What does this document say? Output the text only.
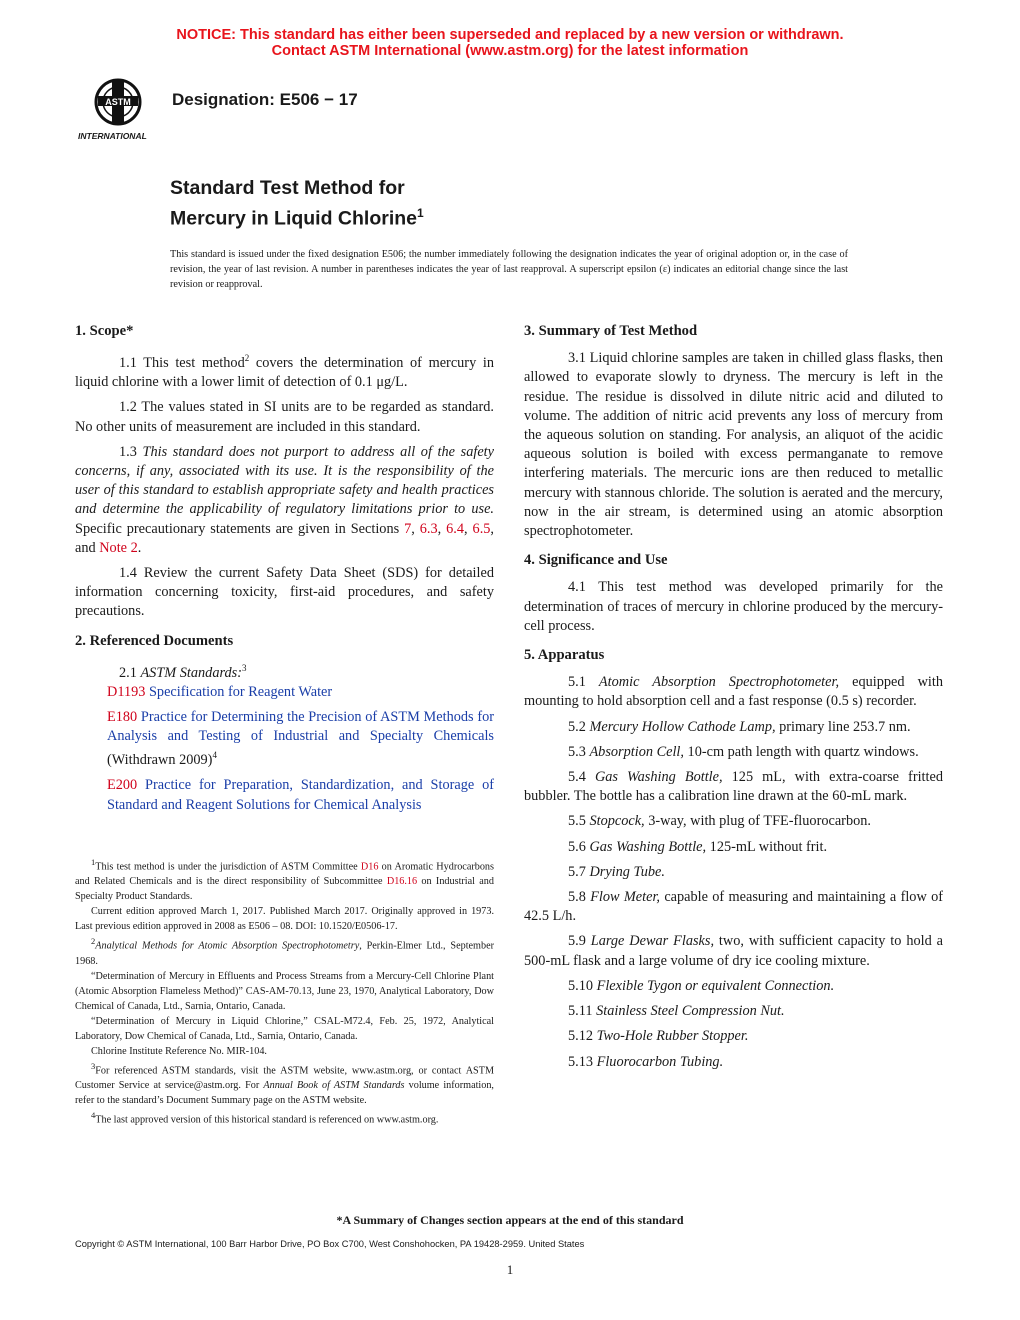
NOTICE: This standard has either been superseded and replaced by a new version or withdrawn.
Contact ASTM International (www.astm.org) for the latest information
ASTM
INTERNATIONAL
Designation: E506 − 17
Standard Test Method for
Mercury in Liquid Chlorine$^1$
This standard is issued under the fixed designation E506; the number immediately following the designation indicates the year of original adoption or, in the case of revision, the year of last revision. A number in parentheses indicates the year of last reapproval. A superscript epsilon (ε) indicates an editorial change since the last revision or reapproval.
1. Scope*

1.1 This test method$^2$ covers the determination of mercury in liquid chlorine with a lower limit of detection of 0.1 μg/L.

1.2 The values stated in SI units are to be regarded as standard. No other units of measurement are included in this standard.

1.3 This standard does not purport to address all of the safety concerns, if any, associated with its use. It is the responsibility of the user of this standard to establish appropriate safety and health practices and determine the applicability of regulatory limitations prior to use. Specific precautionary statements are given in Sections 7, 6.3, 6.4, 6.5, and Note 2.

1.4 Review the current Safety Data Sheet (SDS) for detailed information concerning toxicity, first-aid procedures, and safety precautions.

2. Referenced Documents

2.1 ASTM Standards:$^3$

D1193 Specification for Reagent Water

E180 Practice for Determining the Precision of ASTM Methods for Analysis and Testing of Industrial and Specialty Chemicals (Withdrawn 2009)$^4$

E200 Practice for Preparation, Standardization, and Storage of Standard and Reagent Solutions for Chemical Analysis

$^1$This test method is under the jurisdiction of ASTM Committee D16 on Aromatic Hydrocarbons and Related Chemicals and is the direct responsibility of Subcommittee D16.16 on Industrial and Specialty Product Standards.

Current edition approved March 1, 2017. Published March 2017. Originally approved in 1973. Last previous edition approved in 2008 as E506 – 08. DOI: 10.1520/E0506-17.

$^2$Analytical Methods for Atomic Absorption Spectrophotometry, Perkin-Elmer Ltd., September 1968.

“Determination of Mercury in Effluents and Process Streams from a Mercury-Cell Chlorine Plant (Atomic Absorption Flameless Method)” CAS-AM-70.13, June 23, 1970, Analytical Laboratory, Dow Chemical of Canada, Ltd., Sarnia, Ontario, Canada.

“Determination of Mercury in Liquid Chlorine,” CSAL-M72.4, Feb. 25, 1972, Analytical Laboratory, Dow Chemical of Canada, Ltd., Sarnia, Ontario, Canada.

Chlorine Institute Reference No. MIR-104.

$^3$For referenced ASTM standards, visit the ASTM website, www.astm.org, or contact ASTM Customer Service at service@astm.org. For Annual Book of ASTM Standards volume information, refer to the standard’s Document Summary page on the ASTM website.

$^4$The last approved version of this historical standard is referenced on www.astm.org.

3. Summary of Test Method

3.1 Liquid chlorine samples are taken in chilled glass flasks, then allowed to evaporate slowly to dryness. The mercury is left in the residue. The residue is dissolved in dilute nitric acid and diluted to volume. The addition of nitric acid prevents any loss of mercury from the aqueous solution on standing. For analysis, an aliquot of the acidic aqueous solution is boiled with excess permanganate to remove interfering materials. The mercuric ions are then reduced to metallic mercury with stannous chloride. The solution is aerated and the mercury, now in the air stream, is determined using an atomic absorption spectrophotometer.

4. Significance and Use

4.1 This test method was developed primarily for the determination of traces of mercury in chlorine produced by the mercury-cell process.

5. Apparatus

5.1 Atomic Absorption Spectrophotometer, equipped with mounting to hold absorption cell and a fast response (0.5 s) recorder.

5.2 Mercury Hollow Cathode Lamp, primary line 253.7 nm.

5.3 Absorption Cell, 10-cm path length with quartz windows.

5.4 Gas Washing Bottle, 125 mL, with extra-coarse fritted bubbler. The bottle has a calibration line drawn at the 60-mL mark.

5.5 Stopcock, 3-way, with plug of TFE-fluorocarbon.

5.6 Gas Washing Bottle, 125-mL without frit.

5.7 Drying Tube.

5.8 Flow Meter, capable of measuring and maintaining a flow of 42.5 L/h.

5.9 Large Dewar Flasks, two, with sufficient capacity to hold a 500-mL flask and a large volume of dry ice cooling mixture.

5.10 Flexible Tygon or equivalent Connection.

5.11 Stainless Steel Compression Nut.

5.12 Two-Hole Rubber Stopper.

5.13 Fluorocarbon Tubing.

*A Summary of Changes section appears at the end of this standard
Copyright © ASTM International, 100 Barr Harbor Drive, PO Box C700, West Conshohocken, PA 19428-2959. United States
1
